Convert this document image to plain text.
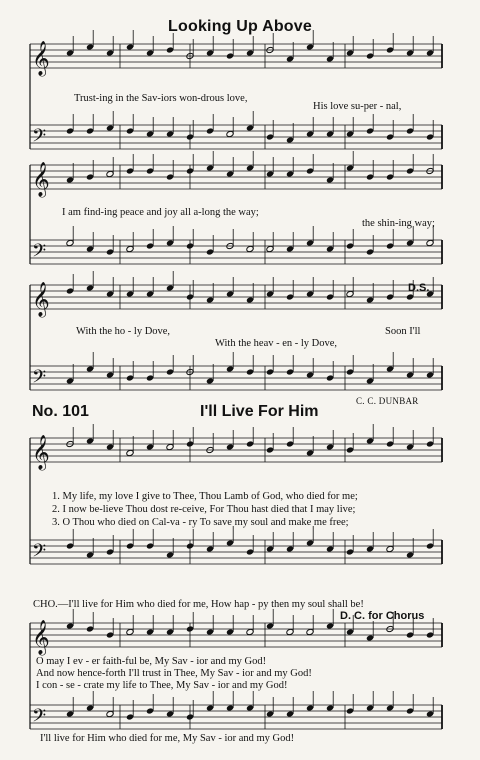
𝄞
𝄢
𝄞
𝄢
𝄞
𝄢
𝄞
𝄢
𝄞
𝄢
Looking Up Above
Trust-ing in the Sav-iors won-drous love,
His love su-per - nal,
I am find-ing peace and joy all a-long the way;
the shin-ing way;
With the ho - ly Dove,	Soon I'll
With the heav - en - ly Dove,
D.S.
No. 101	I'll Live For Him
C. C. DUNBAR
1. My life, my love I give to Thee, Thou Lamb of God, who died for me;
2. I now be-lieve Thou dost re-ceive, For Thou hast died that I may live;
3. O Thou who died on Cal-va - ry To save my soul and make me free;
CHO.—I'll live for Him who died for me, How hap - py then my soul shall be!
D. C. for Chorus
O may I ev - er faith-ful be, My Sav - ior and my God!
And now hence-forth I'll trust in Thee, My Sav - ior and my God!
I con - se - crate my life to Thee, My Sav - ior and my God!
I'll live for Him who died for me, My Sav - ior and my God!
